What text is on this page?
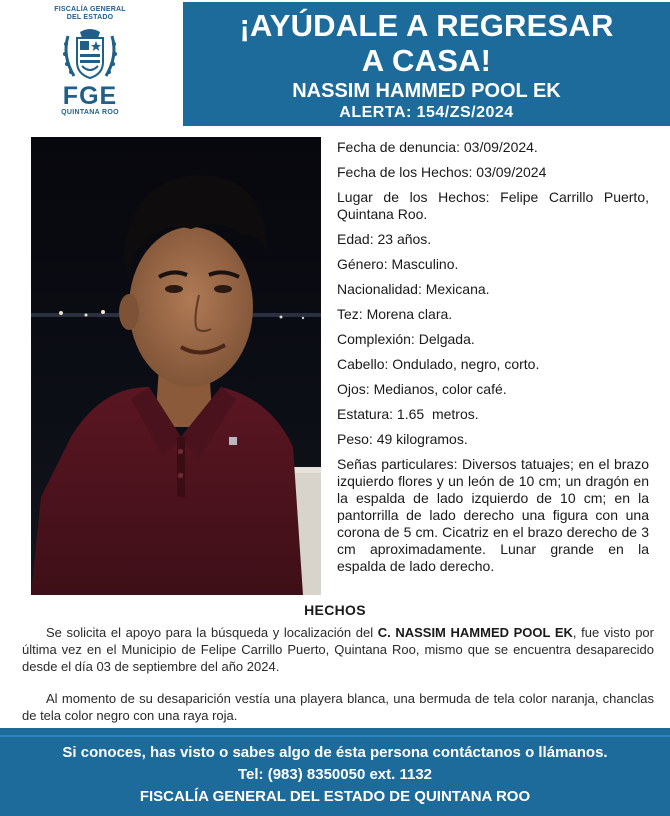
FISCALÍA GENERAL
DEL ESTADO
FGE
QUINTANA ROO
¡AYÚDALE A REGRESAR
A CASA!
NASSIM HAMMED POOL EK
ALERTA: 154/ZS/2024
Fecha de denuncia: 03/09/2024.
Fecha de los Hechos: 03/09/2024
Lugar de los Hechos: Felipe Carrillo Puerto, Quintana Roo.
Edad: 23 años.
Género: Masculino.
Nacionalidad: Mexicana.
Tez: Morena clara.
Complexión: Delgada.
Cabello: Ondulado, negro, corto.
Ojos: Medianos, color café.
Estatura: 1.65  metros.
Peso: 49 kilogramos.
Señas particulares: Diversos tatuajes; en el brazo izquierdo flores y un león de 10 cm; un dragón en la espalda de lado izquierdo de 10 cm; en la pantorrilla de lado derecho una figura con una corona de 5 cm. Cicatriz en el brazo derecho de 3 cm aproximadamente. Lunar grande en la espalda de lado derecho.
HECHOS
Se solicita el apoyo para la búsqueda y localización del C. NASSIM HAMMED POOL EK, fue visto por última vez en el Municipio de Felipe Carrillo Puerto, Quintana Roo, mismo que se encuentra desaparecido desde el día 03 de septiembre del año 2024.
Al momento de su desaparición vestía una playera blanca, una bermuda de tela color naranja, chanclas de tela color negro con una raya roja.
Si conoces, has visto o sabes algo de ésta persona contáctanos o llámanos.
Tel: (983) 8350050 ext. 1132
FISCALÍA GENERAL DEL ESTADO DE QUINTANA ROO
